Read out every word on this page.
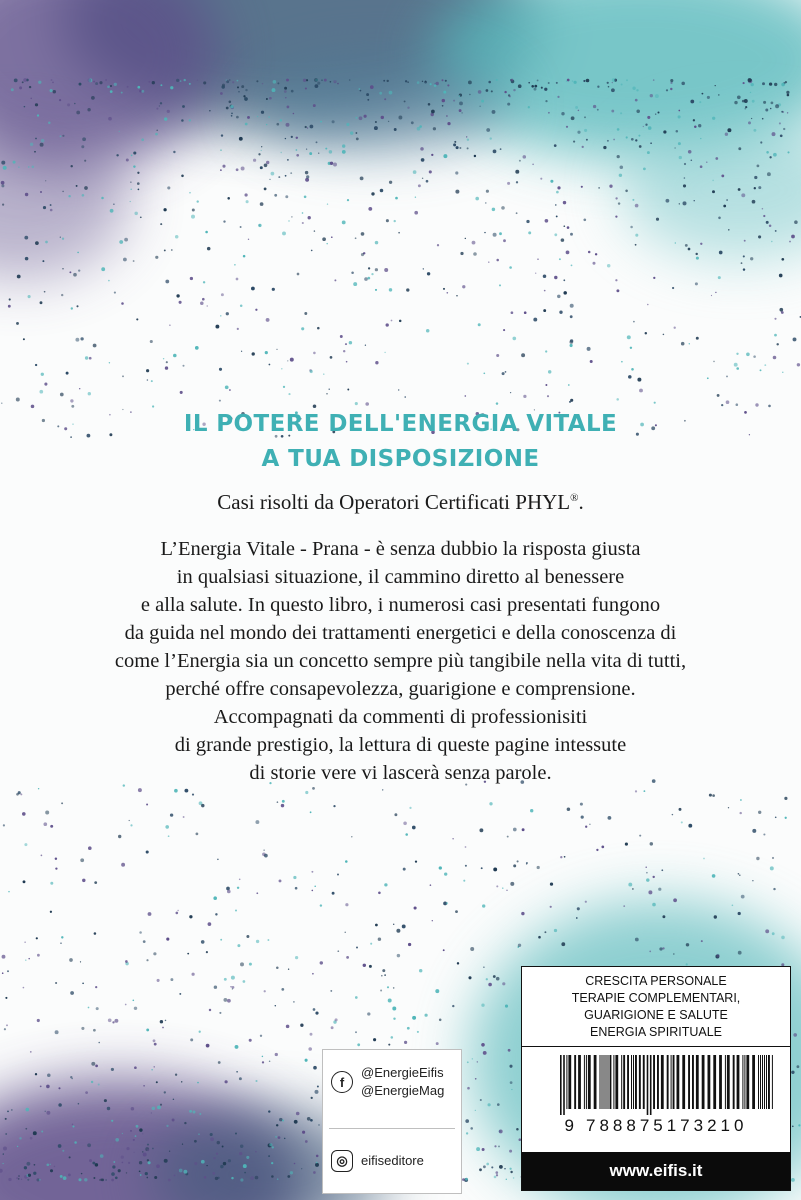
IL POTERE DELL'ENERGIA VITALE
A TUA DISPOSIZIONE
Casi risolti da Operatori Certificati PHYL®.
L’Energia Vitale - Prana - è senza dubbio la risposta giusta
in qualsiasi situazione, il cammino diretto al benessere
e alla salute. In questo libro, i numerosi casi presentati fungono
da guida nel mondo dei trattamenti energetici e della conoscenza di
come l’Energia sia un concetto sempre più tangibile nella vita di tutti,
perché offre consapevolezza, guarigione e comprensione.
Accompagnati da commenti di professionisiti
di grande prestigio, la lettura di queste pagine intessute
di storie vere vi lascerà senza parole.
f
@EnergieEifis
@EnergieMag
◎	eifiseditore
CRESCITA PERSONALE
TERAPIE COMPLEMENTARI,
GUARIGIONE E SALUTE
ENERGIA SPIRITUALE
9 788875173210
www.eifis.it
